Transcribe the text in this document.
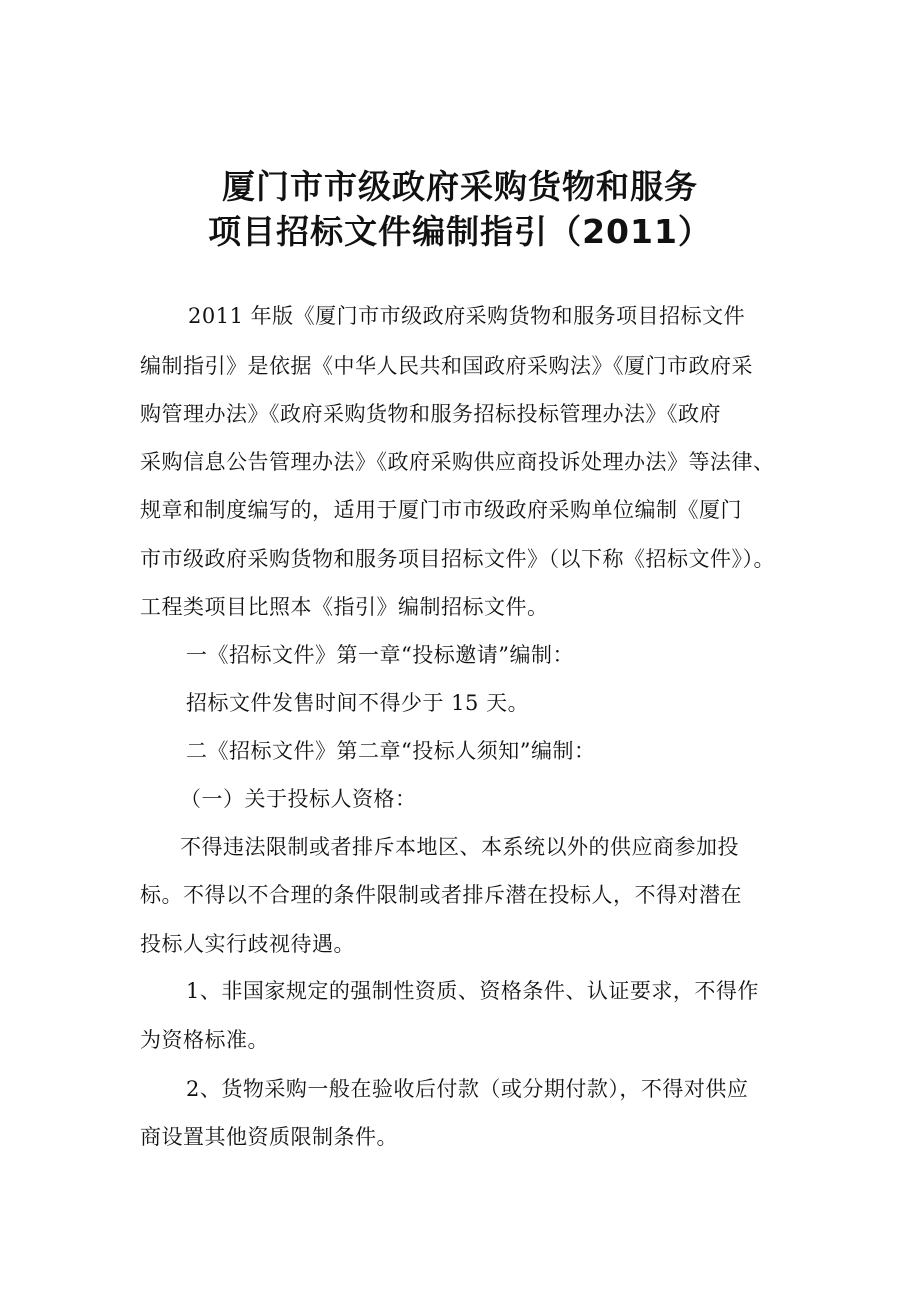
厦门市市级政府采购货物和服务
项目招标文件编制指引（2011）
2011 年版《厦门市市级政府采购货物和服务项目招标文件
编制指引》是依据《中华人民共和国政府采购法》《厦门市政府采
购管理办法》《政府采购货物和服务招标投标管理办法》《政府
采购信息公告管理办法》《政府采购供应商投诉处理办法》等法律、
规章和制度编写的，适用于厦门市市级政府采购单位编制《厦门
市市级政府采购货物和服务项目招标文件》（以下称《招标文件》）。
工程类项目比照本《指引》编制招标文件。
一《招标文件》第一章“投标邀请”编制：
招标文件发售时间不得少于 15 天。
二《招标文件》第二章“投标人须知”编制：
（一）关于投标人资格：
不得违法限制或者排斥本地区、本系统以外的供应商参加投
标。不得以不合理的条件限制或者排斥潜在投标人，不得对潜在
投标人实行歧视待遇。
1、非国家规定的强制性资质、资格条件、认证要求，不得作
为资格标准。
2、货物采购一般在验收后付款（或分期付款），不得对供应
商设置其他资质限制条件。
